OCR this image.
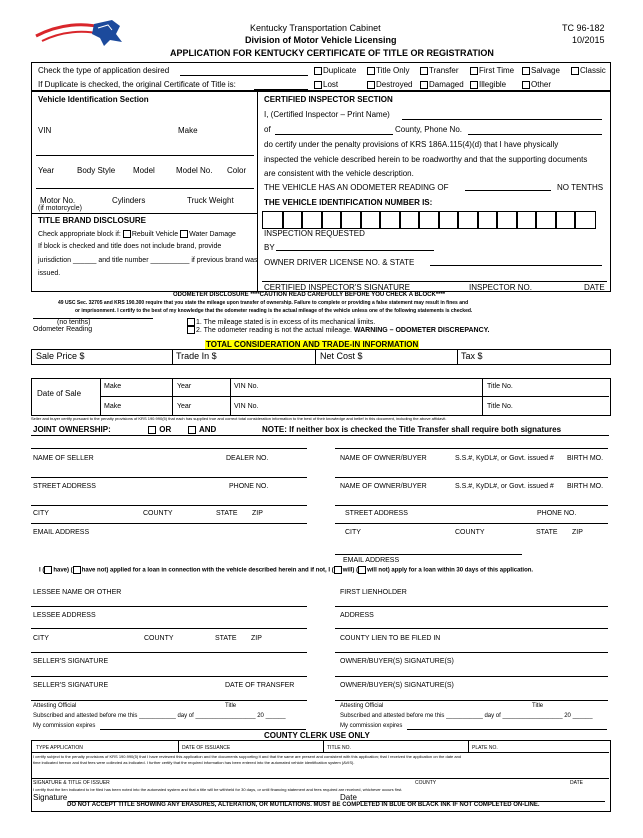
Kentucky Transportation Cabinet
Division of Motor Vehicle Licensing
APPLICATION FOR KENTUCKY CERTIFICATE OF TITLE OR REGISTRATION
TC 96-182
10/2015
Check the type of application desired
If Duplicate is checked, the original Certificate of Title is:
Duplicate	Title Only	Transfer	First Time	Salvage	Classic
Lost	Destroyed	Damaged	Illegible	Other
Vehicle Identification Section
VIN	Make
Year	Body Style Model	Model No. Color
Motor No.
(if motorcycle)
Cylinders	Truck Weight
TITLE BRAND DISCLOSURE
Check appropriate block if: Rebuilt Vehicle Water Damage
If block is checked and title does not include brand, provide
jurisdiction ______ and title number __________ if previous brand was
issued.
CERTIFIED INSPECTOR SECTION
I, (Certified Inspector – Print Name)
of	County, Phone No.
do certify under the penalty provisions of KRS 186A.115(4)(d) that I have physically
inspected the vehicle described herein to be roadworthy and that the supporting documents
are consistent with the vehicle description.
THE VEHICLE HAS AN ODOMETER READING OF	NO TENTHS
THE VEHICLE IDENTIFICATION NUMBER IS:
INSPECTION REQUESTED
BY
OWNER DRIVER LICENSE NO. & STATE
CERTIFIED INSPECTOR'S SIGNATURE	INSPECTOR NO.	DATE
ODOMETER DISCLOSURE ****CAUTION READ CAREFULLY BEFORE YOU CHECK A BLOCK****
49 USC Sec. 32705 and KRS 190.300 require that you state the mileage upon transfer of ownership. Failure to complete or providing a false statement may result in fines and
or imprisonment. I certify to the best of my knowledge that the odometer reading is the actual mileage of the vehicle unless one of the following statements is checked.
(no tenths)
Odometer Reading
1. The mileage stated is in excess of its mechanical limits.
2. The odometer reading is not the actual mileage. WARNING – ODOMETER DISCREPANCY.
TOTAL CONSIDERATION AND TRADE-IN INFORMATION
Sale Price $	Trade In $	Net Cost $	Tax $
Date of Sale
Make	Year	VIN No.	Title No.
Make	Year	VIN No.	Title No.
Seller and buyer certify pursuant to the penalty provisions of KRS 190.990(5) that each has supplied true and correct total consideration information to the best of their knowledge and belief in this document, including the above affidavit.
JOINT OWNERSHIP:	OR	AND	NOTE: If neither box is checked the Title Transfer shall require both signatures
NAME OF SELLER	DEALER NO.
STREET ADDRESS	PHONE NO.
CITY	COUNTY	STATE ZIP
EMAIL ADDRESS
NAME OF OWNER/BUYER	S.S.#, KyDL#, or Govt. issued # BIRTH MO.
NAME OF OWNER/BUYER	S.S.#, KyDL#, or Govt. issued # BIRTH MO.
STREET ADDRESS	PHONE NO.
CITY	COUNTY	STATE ZIP
EMAIL ADDRESS
I ( have) ( have not) applied for a loan in connection with the vehicle described herein and if not, I ( will) ( will not) apply for a loan within 30 days of this application.
LESSEE NAME OR OTHER	FIRST LIENHOLDER
LESSEE ADDRESS	ADDRESS
CITY	COUNTY	STATE ZIP	COUNTY LIEN TO BE FILED IN
SELLER'S SIGNATURE	OWNER/BUYER(S) SIGNATURE(S)
SELLER'S SIGNATURE	DATE OF TRANSFER	OWNER/BUYER(S) SIGNATURE(S)
Attesting Official	Title
Subscribed and attested before me this ___________ day of __________________ 20 ______
My commission expires
Attesting Official	Title
Subscribed and attested before me this ___________ day of __________________ 20 ______
My commission expires
COUNTY CLERK USE ONLY
TYPE APPLICATION	DATE OF ISSUANCE	TITLE NO.	PLATE NO.
I certify subject to the penalty provisions of KRS 190.990(5) that I have reviewed this application and the documents supporting it and that the same are present and consistent with this application; that I received the application on the date and
time indicated hereon and that fees were collected as indicated. I further certify that the required information has been entered into the automated vehicle identification system (AVIS).
SIGNATURE & TITLE OF ISSUER	COUNTY	DATE
I certify that the lien indicated to be filed has been noted into the automated system and that a title will be withheld for 30 days, or until financing statement and fees required are received, whichever occurs first.
Signature	Date
DO NOT ACCEPT TITLE SHOWING ANY ERASURES, ALTERATION, OR MUTILATIONS. MUST BE COMPLETED IN BLUE OR BLACK INK IF NOT COMPLETED ON-LINE.
